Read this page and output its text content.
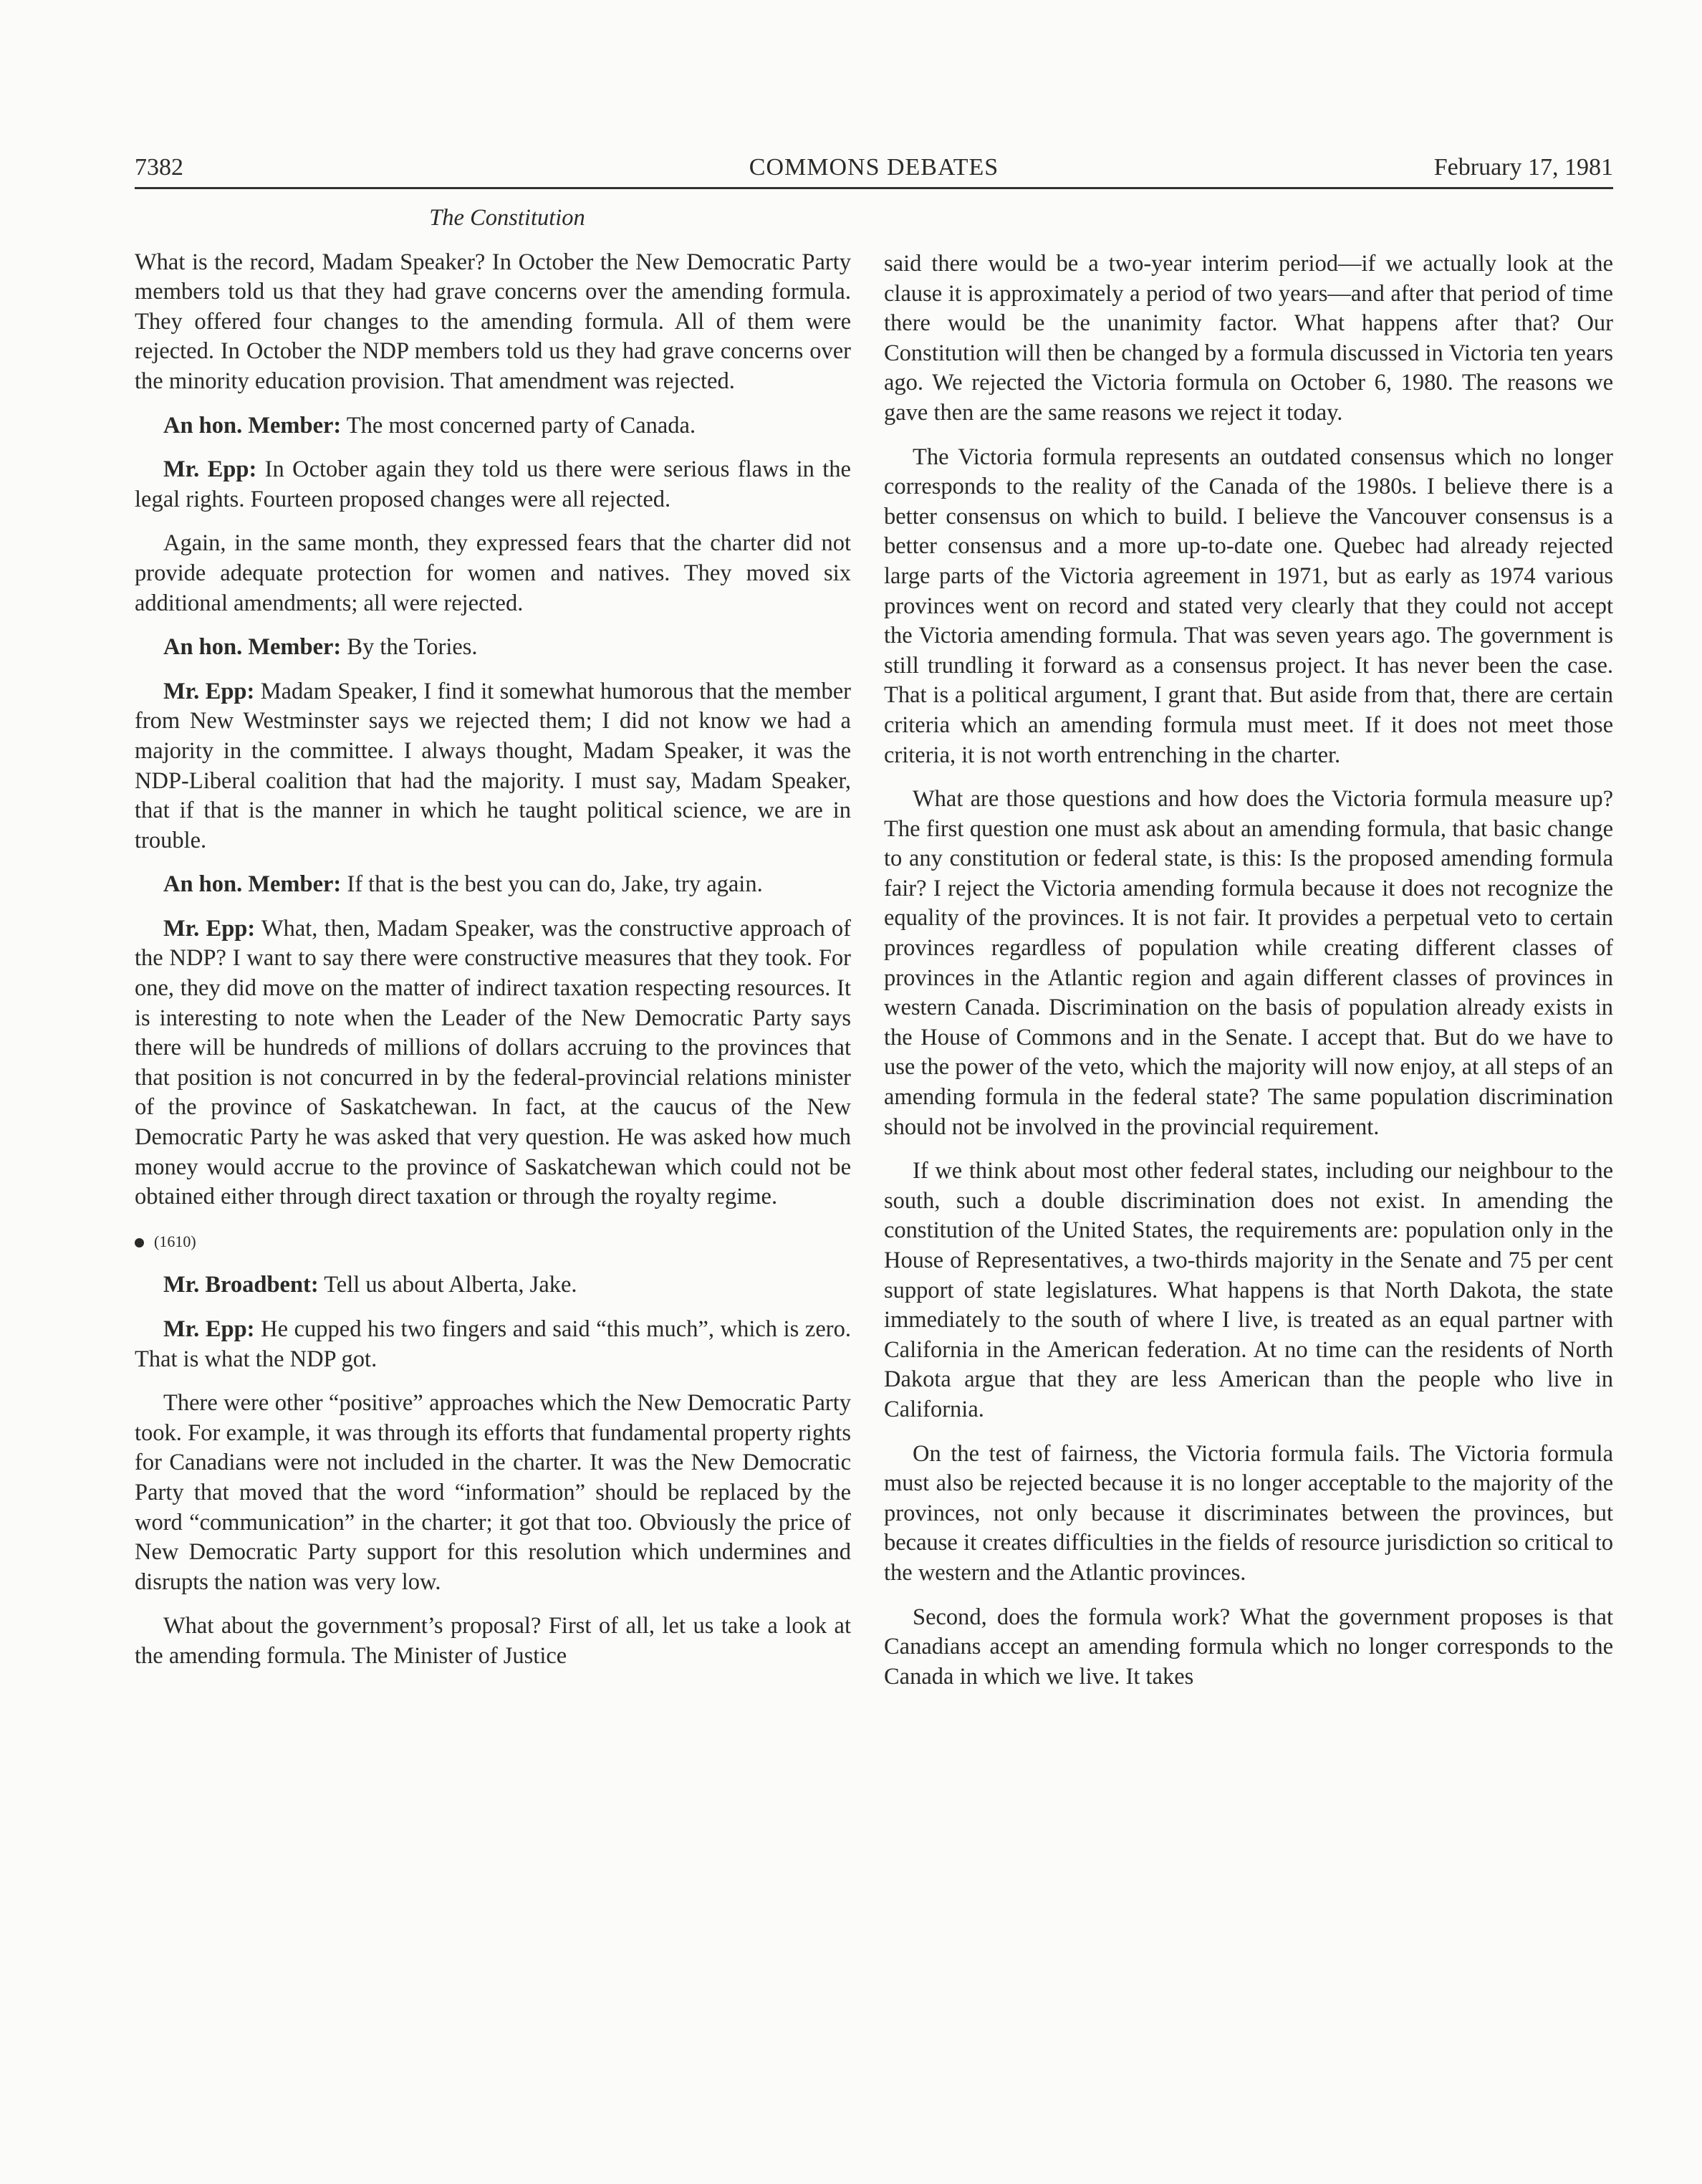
7382	COMMONS DEBATES	February 17, 1981

The Constitution

What is the record, Madam Speaker? In October the New Democratic Party members told us that they had grave concerns over the amending formula. They offered four changes to the amending formula. All of them were rejected. In October the NDP members told us they had grave concerns over the minority education provision. That amendment was rejected.

An hon. Member: The most concerned party of Canada.

Mr. Epp: In October again they told us there were serious flaws in the legal rights. Fourteen proposed changes were all rejected.

Again, in the same month, they expressed fears that the charter did not provide adequate protection for women and natives. They moved six additional amendments; all were rejected.

An hon. Member: By the Tories.

Mr. Epp: Madam Speaker, I find it somewhat humorous that the member from New Westminster says we rejected them; I did not know we had a majority in the committee. I always thought, Madam Speaker, it was the NDP-Liberal coalition that had the majority. I must say, Madam Speaker, that if that is the manner in which he taught political science, we are in trouble.

An hon. Member: If that is the best you can do, Jake, try again.

Mr. Epp: What, then, Madam Speaker, was the constructive approach of the NDP? I want to say there were constructive measures that they took. For one, they did move on the matter of indirect taxation respecting resources. It is interesting to note when the Leader of the New Democratic Party says there will be hundreds of millions of dollars accruing to the provinces that that position is not concurred in by the federal-provincial relations minister of the province of Saskatchewan. In fact, at the caucus of the New Democratic Party he was asked that very question. He was asked how much money would accrue to the province of Saskatchewan which could not be obtained either through direct taxation or through the royalty regime.

(1610)

Mr. Broadbent: Tell us about Alberta, Jake.

Mr. Epp: He cupped his two fingers and said “this much”, which is zero. That is what the NDP got.

There were other “positive” approaches which the New Democratic Party took. For example, it was through its efforts that fundamental property rights for Canadians were not included in the charter. It was the New Democratic Party that moved that the word “information” should be replaced by the word “communication” in the charter; it got that too. Obviously the price of New Democratic Party support for this resolution which undermines and disrupts the nation was very low.

What about the government’s proposal? First of all, let us take a look at the amending formula. The Minister of Justice

said there would be a two-year interim period—if we actually look at the clause it is approximately a period of two years—and after that period of time there would be the unanimity factor. What happens after that? Our Constitution will then be changed by a formula discussed in Victoria ten years ago. We rejected the Victoria formula on October 6, 1980. The reasons we gave then are the same reasons we reject it today.

The Victoria formula represents an outdated consensus which no longer corresponds to the reality of the Canada of the 1980s. I believe there is a better consensus on which to build. I believe the Vancouver consensus is a better consensus and a more up-to-date one. Quebec had already rejected large parts of the Victoria agreement in 1971, but as early as 1974 various provinces went on record and stated very clearly that they could not accept the Victoria amending formula. That was seven years ago. The government is still trundling it forward as a consensus project. It has never been the case. That is a political argument, I grant that. But aside from that, there are certain criteria which an amending formula must meet. If it does not meet those criteria, it is not worth entrenching in the charter.

What are those questions and how does the Victoria formula measure up? The first question one must ask about an amending formula, that basic change to any constitution or federal state, is this: Is the proposed amending formula fair? I reject the Victoria amending formula because it does not recognize the equality of the provinces. It is not fair. It provides a perpetual veto to certain provinces regardless of population while creating different classes of provinces in the Atlantic region and again different classes of provinces in western Canada. Discrimination on the basis of population already exists in the House of Commons and in the Senate. I accept that. But do we have to use the power of the veto, which the majority will now enjoy, at all steps of an amending formula in the federal state? The same population discrimination should not be involved in the provincial requirement.

If we think about most other federal states, including our neighbour to the south, such a double discrimination does not exist. In amending the constitution of the United States, the requirements are: population only in the House of Representatives, a two-thirds majority in the Senate and 75 per cent support of state legislatures. What happens is that North Dakota, the state immediately to the south of where I live, is treated as an equal partner with California in the American federation. At no time can the residents of North Dakota argue that they are less American than the people who live in California.

On the test of fairness, the Victoria formula fails. The Victoria formula must also be rejected because it is no longer acceptable to the majority of the provinces, not only because it discriminates between the provinces, but because it creates difficulties in the fields of resource jurisdiction so critical to the western and the Atlantic provinces.

Second, does the formula work? What the government proposes is that Canadians accept an amending formula which no longer corresponds to the Canada in which we live. It takes
